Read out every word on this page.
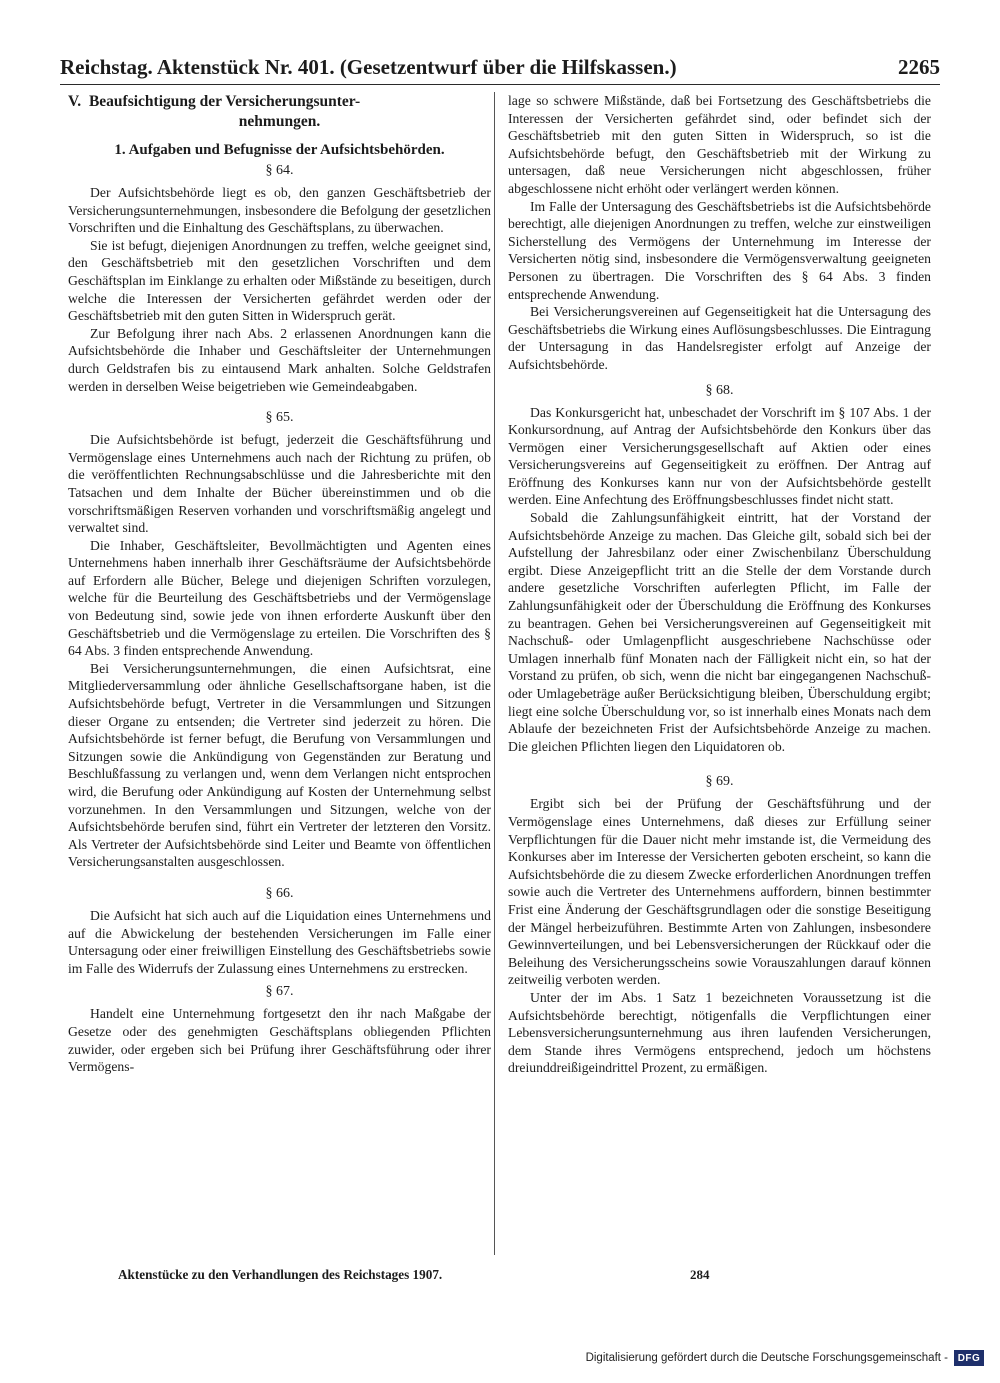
Reichstag. Aktenstück Nr. 401. (Gesetzentwurf über die Hilfskassen.)	2265
V. Beaufsichtigung der Versicherungsunter-
nehmungen.
1. Aufgaben und Befugnisse der Aufsichtsbehörden.
§ 64.

Der Aufsichtsbehörde liegt es ob, den ganzen Geschäftsbetrieb der Versicherungsunternehmungen, insbesondere die Befolgung der gesetzlichen Vorschriften und die Einhaltung des Geschäftsplans, zu überwachen.

Sie ist befugt, diejenigen Anordnungen zu treffen, welche geeignet sind, den Geschäftsbetrieb mit den gesetzlichen Vorschriften und dem Geschäftsplan im Einklange zu erhalten oder Mißstände zu beseitigen, durch welche die Interessen der Versicherten gefährdet werden oder der Geschäftsbetrieb mit den guten Sitten in Widerspruch gerät.

Zur Befolgung ihrer nach Abs. 2 erlassenen Anordnungen kann die Aufsichtsbehörde die Inhaber und Geschäftsleiter der Unternehmungen durch Geldstrafen bis zu eintausend Mark anhalten. Solche Geldstrafen werden in derselben Weise beigetrieben wie Gemeindeabgaben.

§ 65.

Die Aufsichtsbehörde ist befugt, jederzeit die Geschäftsführung und Vermögenslage eines Unternehmens auch nach der Richtung zu prüfen, ob die veröffentlichten Rechnungsabschlüsse und die Jahresberichte mit den Tatsachen und dem Inhalte der Bücher übereinstimmen und ob die vorschriftsmäßigen Reserven vorhanden und vorschriftsmäßig angelegt und verwaltet sind.

Die Inhaber, Geschäftsleiter, Bevollmächtigten und Agenten eines Unternehmens haben innerhalb ihrer Geschäftsräume der Aufsichtsbehörde auf Erfordern alle Bücher, Belege und diejenigen Schriften vorzulegen, welche für die Beurteilung des Geschäftsbetriebs und der Vermögenslage von Bedeutung sind, sowie jede von ihnen erforderte Auskunft über den Geschäftsbetrieb und die Vermögenslage zu erteilen. Die Vorschriften des § 64 Abs. 3 finden entsprechende Anwendung.

Bei Versicherungsunternehmungen, die einen Aufsichtsrat, eine Mitgliederversammlung oder ähnliche Gesellschaftsorgane haben, ist die Aufsichtsbehörde befugt, Vertreter in die Versammlungen und Sitzungen dieser Organe zu entsenden; die Vertreter sind jederzeit zu hören. Die Aufsichtsbehörde ist ferner befugt, die Berufung von Versammlungen und Sitzungen sowie die Ankündigung von Gegenständen zur Beratung und Beschlußfassung zu verlangen und, wenn dem Verlangen nicht entsprochen wird, die Berufung oder Ankündigung auf Kosten der Unternehmung selbst vorzunehmen. In den Versammlungen und Sitzungen, welche von der Aufsichtsbehörde berufen sind, führt ein Vertreter der letzteren den Vorsitz. Als Vertreter der Aufsichtsbehörde sind Leiter und Beamte von öffentlichen Versicherungsanstalten ausgeschlossen.

§ 66.

Die Aufsicht hat sich auch auf die Liquidation eines Unternehmens und auf die Abwickelung der bestehenden Versicherungen im Falle einer Untersagung oder einer freiwilligen Einstellung des Geschäftsbetriebs sowie im Falle des Widerrufs der Zulassung eines Unternehmens zu erstrecken.

§ 67.

Handelt eine Unternehmung fortgesetzt den ihr nach Maßgabe der Gesetze oder des genehmigten Geschäftsplans obliegenden Pflichten zuwider, oder ergeben sich bei Prüfung ihrer Geschäftsführung oder ihrer Vermögens-

lage so schwere Mißstände, daß bei Fortsetzung des Geschäftsbetriebs die Interessen der Versicherten gefährdet sind, oder befindet sich der Geschäftsbetrieb mit den guten Sitten in Widerspruch, so ist die Aufsichtsbehörde befugt, den Geschäftsbetrieb mit der Wirkung zu untersagen, daß neue Versicherungen nicht abgeschlossen, früher abgeschlossene nicht erhöht oder verlängert werden können.

Im Falle der Untersagung des Geschäftsbetriebs ist die Aufsichtsbehörde berechtigt, alle diejenigen Anordnungen zu treffen, welche zur einstweiligen Sicherstellung des Vermögens der Unternehmung im Interesse der Versicherten nötig sind, insbesondere die Vermögensverwaltung geeigneten Personen zu übertragen. Die Vorschriften des § 64 Abs. 3 finden entsprechende Anwendung.

Bei Versicherungsvereinen auf Gegenseitigkeit hat die Untersagung des Geschäftsbetriebs die Wirkung eines Auflösungsbeschlusses. Die Eintragung der Untersagung in das Handelsregister erfolgt auf Anzeige der Aufsichtsbehörde.

§ 68.

Das Konkursgericht hat, unbeschadet der Vorschrift im § 107 Abs. 1 der Konkursordnung, auf Antrag der Aufsichtsbehörde den Konkurs über das Vermögen einer Versicherungsgesellschaft auf Aktien oder eines Versicherungsvereins auf Gegenseitigkeit zu eröffnen. Der Antrag auf Eröffnung des Konkurses kann nur von der Aufsichtsbehörde gestellt werden. Eine Anfechtung des Eröffnungsbeschlusses findet nicht statt.

Sobald die Zahlungsunfähigkeit eintritt, hat der Vorstand der Aufsichtsbehörde Anzeige zu machen. Das Gleiche gilt, sobald sich bei der Aufstellung der Jahresbilanz oder einer Zwischenbilanz Überschuldung ergibt. Diese Anzeigepflicht tritt an die Stelle der dem Vorstande durch andere gesetzliche Vorschriften auferlegten Pflicht, im Falle der Zahlungsunfähigkeit oder der Überschuldung die Eröffnung des Konkurses zu beantragen. Gehen bei Versicherungsvereinen auf Gegenseitigkeit mit Nachschuß- oder Umlagenpflicht ausgeschriebene Nachschüsse oder Umlagen innerhalb fünf Monaten nach der Fälligkeit nicht ein, so hat der Vorstand zu prüfen, ob sich, wenn die nicht bar eingegangenen Nachschuß- oder Umlagebeträge außer Berücksichtigung bleiben, Überschuldung ergibt; liegt eine solche Überschuldung vor, so ist innerhalb eines Monats nach dem Ablaufe der bezeichneten Frist der Aufsichtsbehörde Anzeige zu machen. Die gleichen Pflichten liegen den Liquidatoren ob.

§ 69.

Ergibt sich bei der Prüfung der Geschäftsführung und der Vermögenslage eines Unternehmens, daß dieses zur Erfüllung seiner Verpflichtungen für die Dauer nicht mehr imstande ist, die Vermeidung des Konkurses aber im Interesse der Versicherten geboten erscheint, so kann die Aufsichtsbehörde die zu diesem Zwecke erforderlichen Anordnungen treffen sowie auch die Vertreter des Unternehmens auffordern, binnen bestimmter Frist eine Änderung der Geschäftsgrundlagen oder die sonstige Beseitigung der Mängel herbeizuführen. Bestimmte Arten von Zahlungen, insbesondere Gewinnverteilungen, und bei Lebensversicherungen der Rückkauf oder die Beleihung des Versicherungsscheins sowie Vorauszahlungen darauf können zeitweilig verboten werden.

Unter der im Abs. 1 Satz 1 bezeichneten Voraussetzung ist die Aufsichtsbehörde berechtigt, nötigenfalls die Verpflichtungen einer Lebensversicherungsunternehmung aus ihren laufenden Versicherungen, dem Stande ihres Vermögens entsprechend, jedoch um höchstens dreiunddreißigeindrittel Prozent, zu ermäßigen.

Aktenstücke zu den Verhandlungen des Reichstages 1907.	284
Digitalisierung gefördert durch die Deutsche Forschungsgemeinschaft - DFG
